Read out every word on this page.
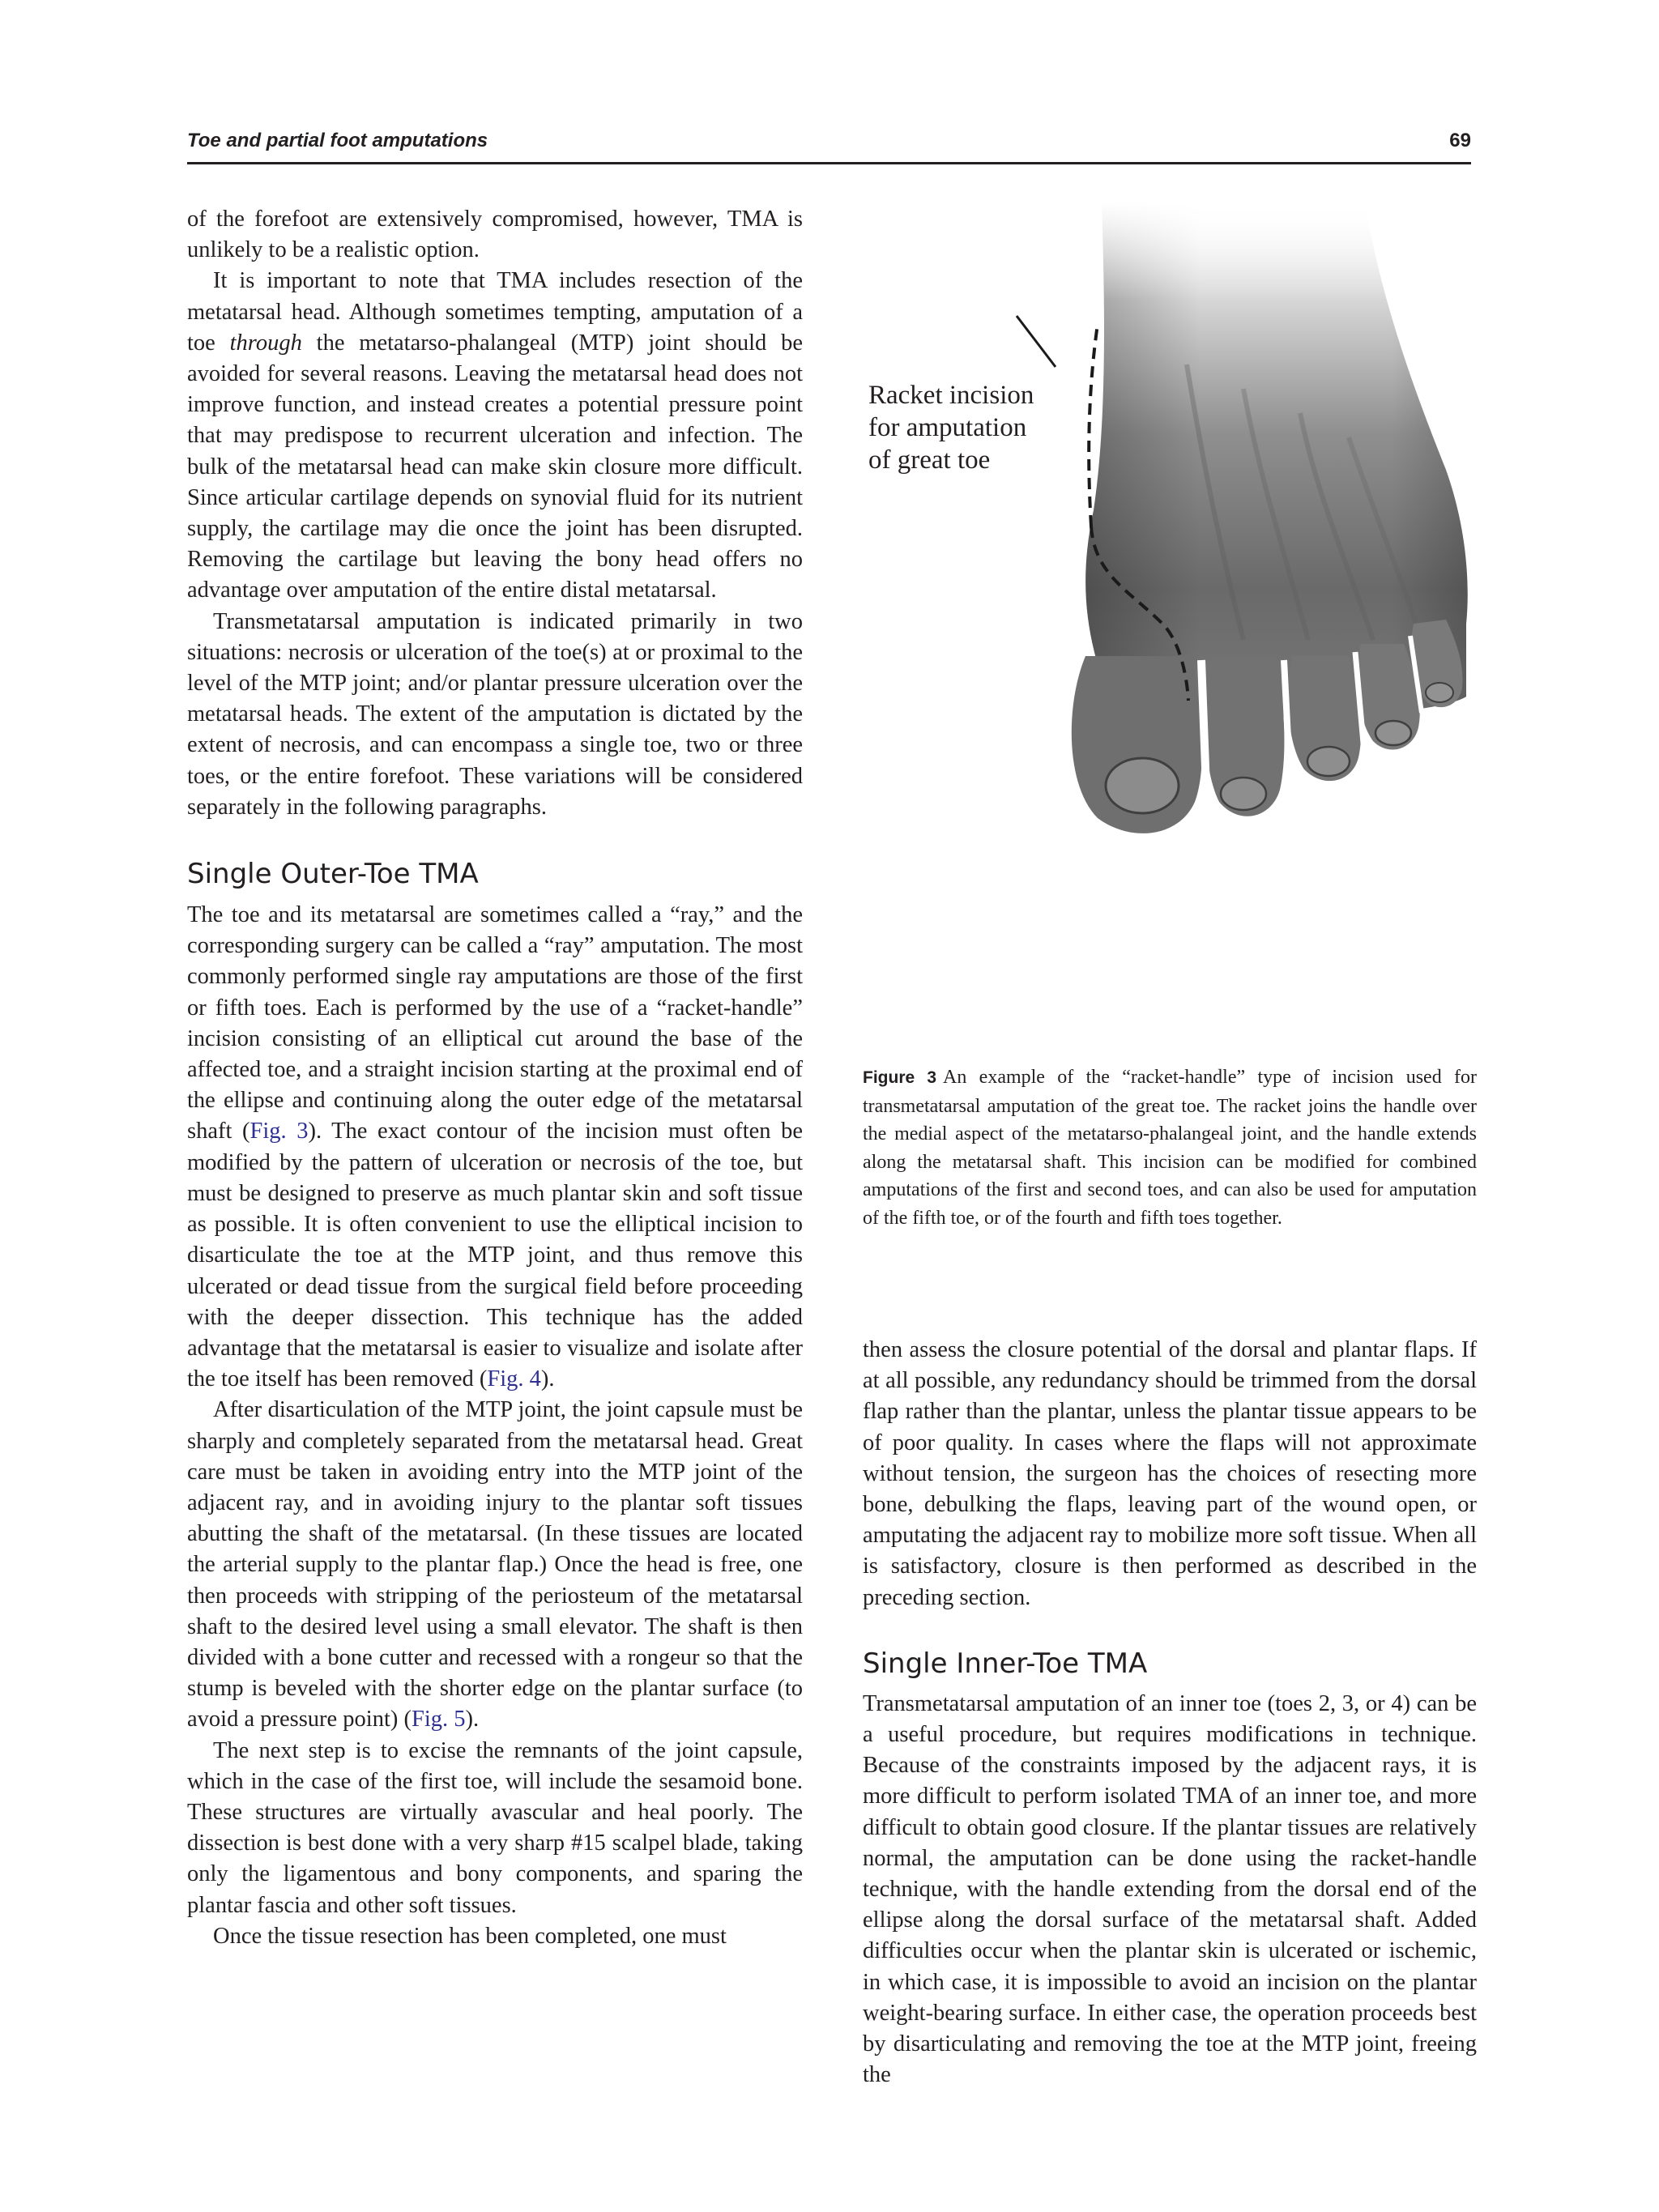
Toe and partial foot amputations	69

of the forefoot are extensively compromised, however, TMA is unlikely to be a realistic option.

It is important to note that TMA includes resection of the metatarsal head. Although sometimes tempting, amputation of a toe through the metatarso-phalangeal (MTP) joint should be avoided for several reasons. Leaving the metatarsal head does not improve function, and instead creates a potential pressure point that may predispose to recurrent ulceration and infection. The bulk of the metatarsal head can make skin closure more difficult. Since articular cartilage depends on synovial fluid for its nutrient supply, the cartilage may die once the joint has been disrupted. Removing the cartilage but leaving the bony head offers no advantage over amputation of the entire distal metatarsal.

Transmetatarsal amputation is indicated primarily in two situations: necrosis or ulceration of the toe(s) at or proximal to the level of the MTP joint; and/or plantar pressure ulceration over the metatarsal heads. The extent of the amputation is dictated by the extent of necrosis, and can encompass a single toe, two or three toes, or the entire forefoot. These variations will be considered separately in the following paragraphs.

Single Outer-Toe TMA

The toe and its metatarsal are sometimes called a “ray,” and the corresponding surgery can be called a “ray” amputation. The most commonly performed single ray amputations are those of the first or fifth toes. Each is performed by the use of a “racket-handle” incision consisting of an elliptical cut around the base of the affected toe, and a straight incision starting at the proximal end of the ellipse and continuing along the outer edge of the metatarsal shaft (Fig. 3). The exact contour of the incision must often be modified by the pattern of ulceration or necrosis of the toe, but must be designed to preserve as much plantar skin and soft tissue as possible. It is often convenient to use the elliptical incision to disarticulate the toe at the MTP joint, and thus remove this ulcerated or dead tissue from the surgical field before proceeding with the deeper dissection. This technique has the added advantage that the metatarsal is easier to visualize and isolate after the toe itself has been removed (Fig. 4).

After disarticulation of the MTP joint, the joint capsule must be sharply and completely separated from the metatarsal head. Great care must be taken in avoiding entry into the MTP joint of the adjacent ray, and in avoiding injury to the plantar soft tissues abutting the shaft of the metatarsal. (In these tissues are located the arterial supply to the plantar flap.) Once the head is free, one then proceeds with stripping of the periosteum of the metatarsal shaft to the desired level using a small elevator. The shaft is then divided with a bone cutter and recessed with a rongeur so that the stump is beveled with the shorter edge on the plantar surface (to avoid a pressure point) (Fig. 5).

The next step is to excise the remnants of the joint capsule, which in the case of the first toe, will include the sesamoid bone. These structures are virtually avascular and heal poorly. The dissection is best done with a very sharp #15 scalpel blade, taking only the ligamentous and bony components, and sparing the plantar fascia and other soft tissues.

Once the tissue resection has been completed, one must

Racket incision
for amputation
of great toe
Figure 3 An example of the “racket-handle” type of incision used for transmetatarsal amputation of the great toe. The racket joins the handle over the medial aspect of the metatarso-phalangeal joint, and the handle extends along the metatarsal shaft. This incision can be modified for combined amputations of the first and second toes, and can also be used for amputation of the fifth toe, or of the fourth and fifth toes together.

then assess the closure potential of the dorsal and plantar flaps. If at all possible, any redundancy should be trimmed from the dorsal flap rather than the plantar, unless the plantar tissue appears to be of poor quality. In cases where the flaps will not approximate without tension, the surgeon has the choices of resecting more bone, debulking the flaps, leaving part of the wound open, or amputating the adjacent ray to mobilize more soft tissue. When all is satisfactory, closure is then performed as described in the preceding section.

Single Inner-Toe TMA

Transmetatarsal amputation of an inner toe (toes 2, 3, or 4) can be a useful procedure, but requires modifications in technique. Because of the constraints imposed by the adjacent rays, it is more difficult to perform isolated TMA of an inner toe, and more difficult to obtain good closure. If the plantar tissues are relatively normal, the amputation can be done using the racket-handle technique, with the handle extending from the dorsal end of the ellipse along the dorsal surface of the metatarsal shaft. Added difficulties occur when the plantar skin is ulcerated or ischemic, in which case, it is impossible to avoid an incision on the plantar weight-bearing surface. In either case, the operation proceeds best by disarticulating and removing the toe at the MTP joint, freeing the
